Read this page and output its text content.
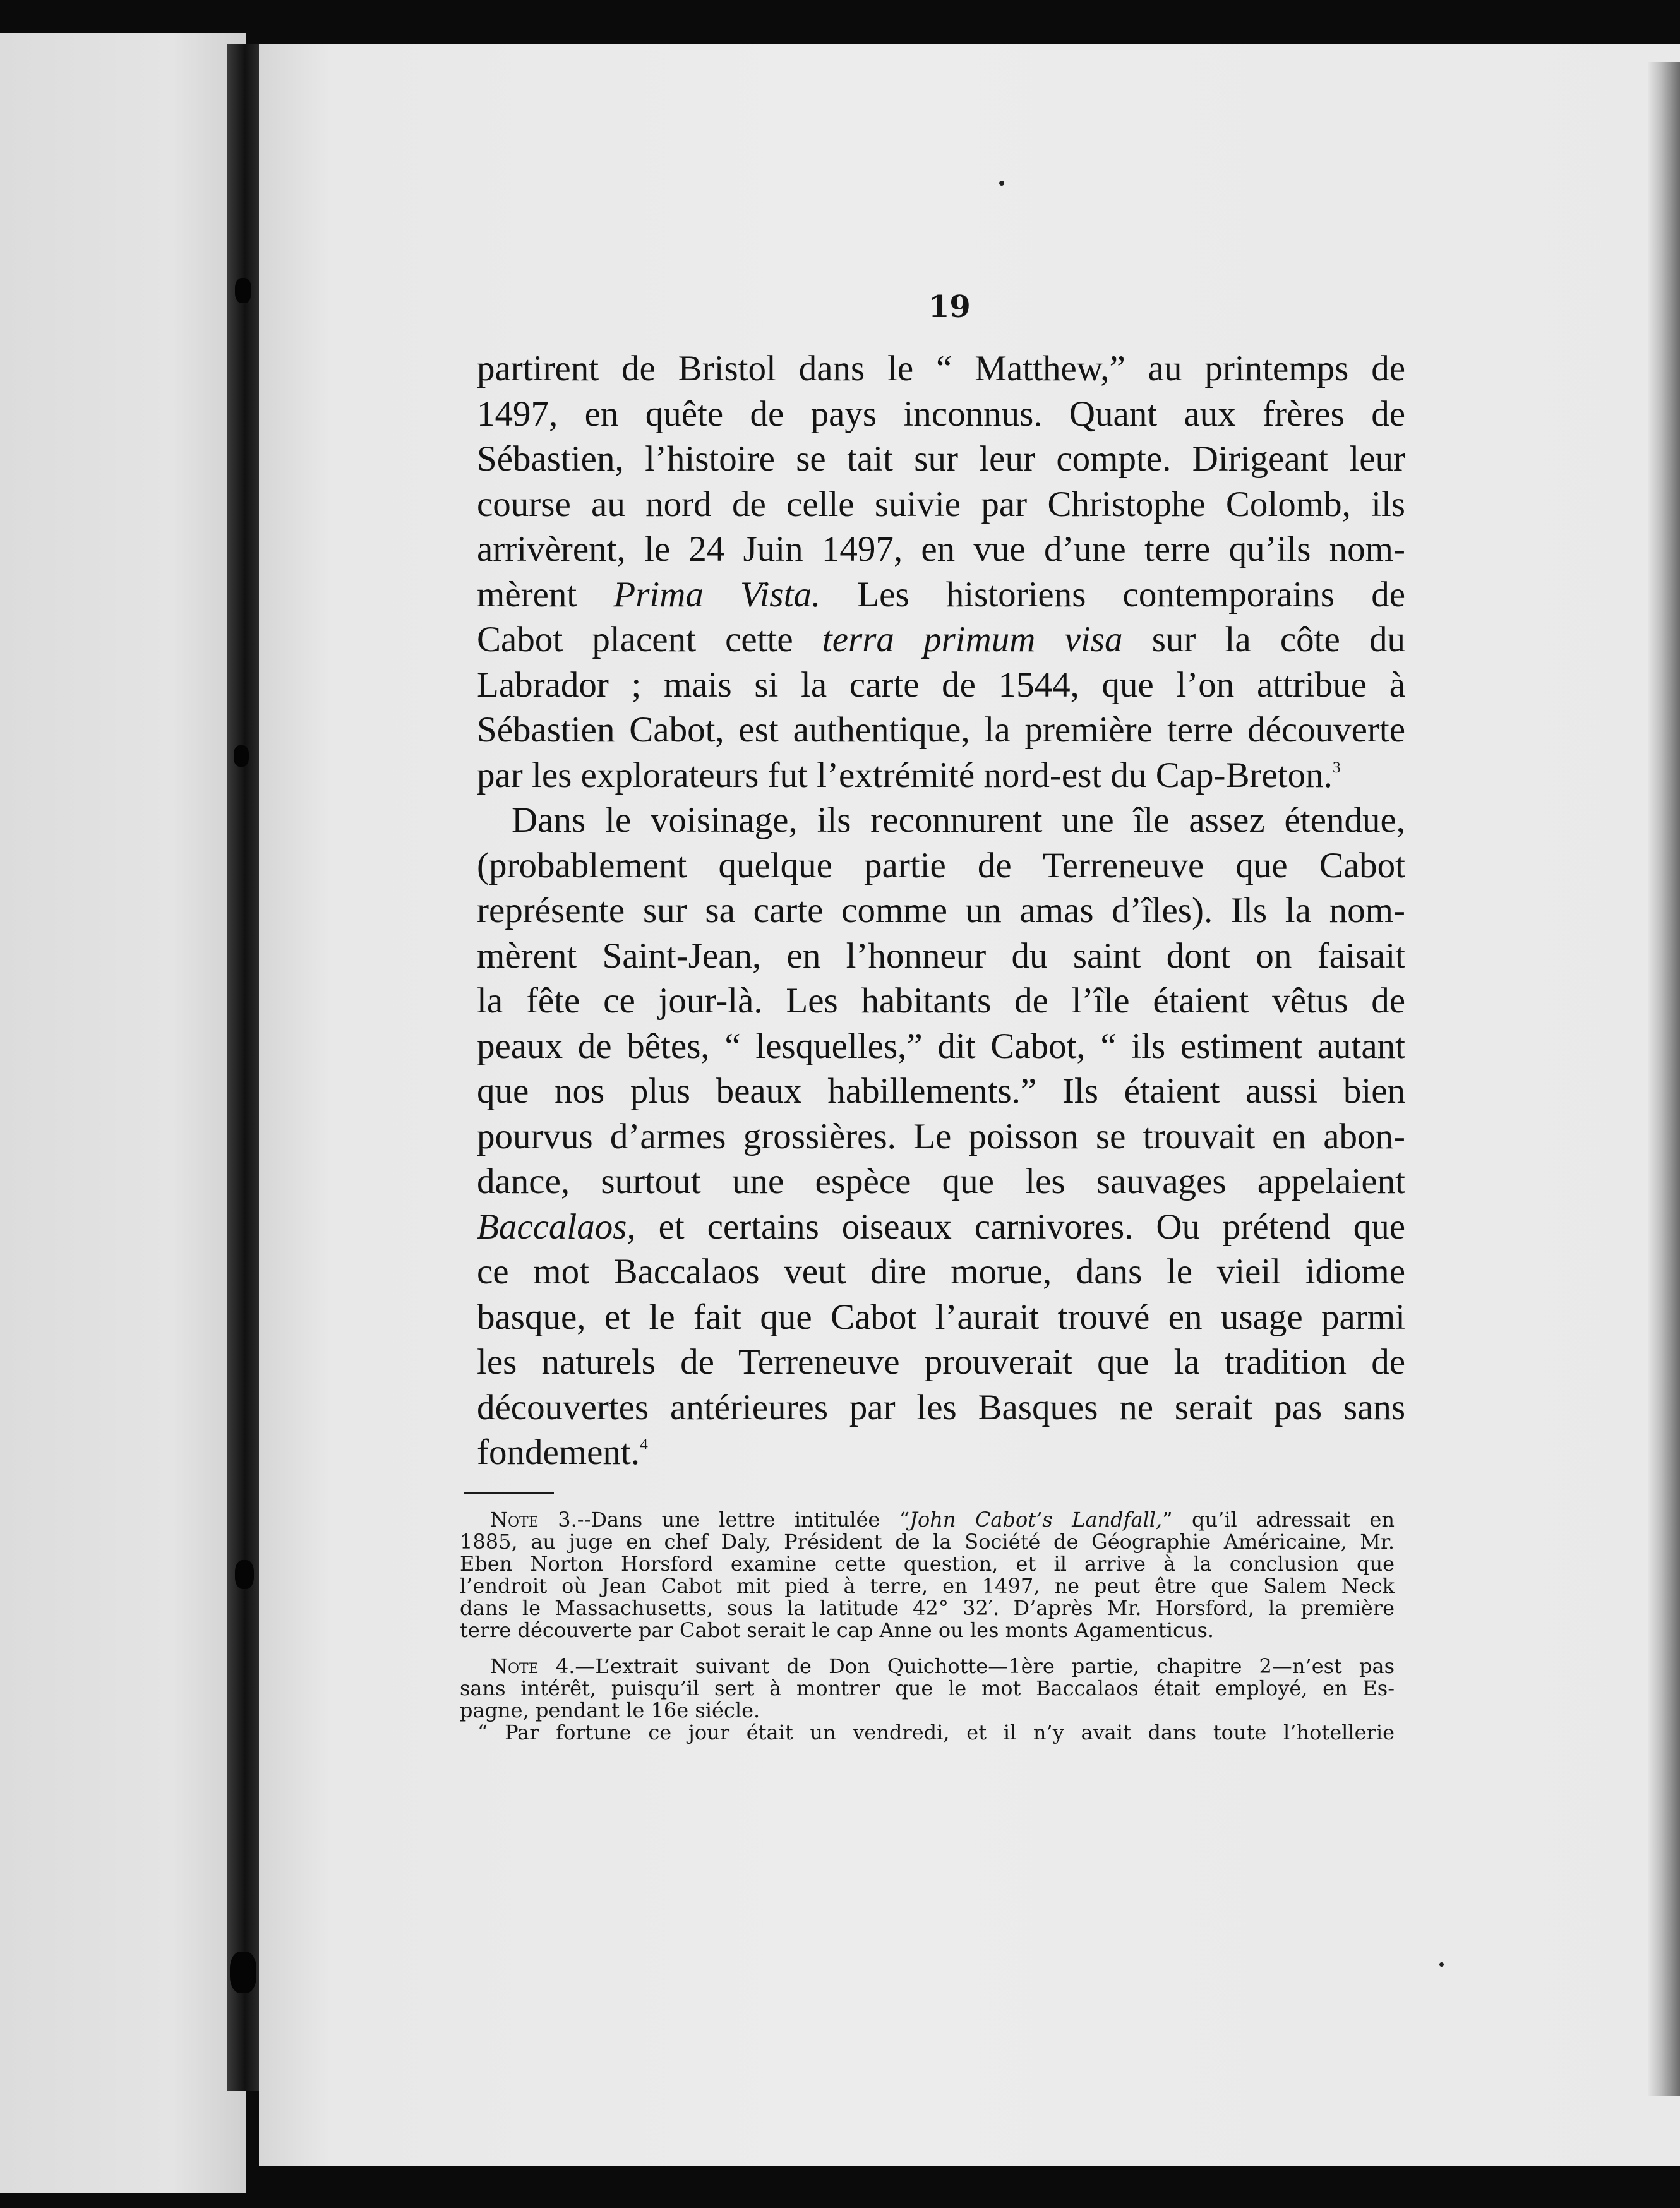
19

partirent de Bristol dans le “ Matthew,” au printemps de
1497, en quête de pays inconnus. Quant aux frères de
Sébastien, l’histoire se tait sur leur compte. Dirigeant leur
course au nord de celle suivie par Christophe Colomb, ils
arrivèrent, le 24 Juin 1497, en vue d’une terre qu’ils nom-
mèrent Prima Vista. Les historiens contemporains de
Cabot placent cette terra primum visa sur la côte du
Labrador ; mais si la carte de 1544, que l’on attribue à
Sébastien Cabot, est authentique, la première terre découverte
par les explorateurs fut l’extrémité nord-est du Cap-Breton.$^3$

Dans le voisinage, ils reconnurent une île assez étendue,
(probablement quelque partie de Terreneuve que Cabot
représente sur sa carte comme un amas d’îles). Ils la nom-
mèrent Saint-Jean, en l’honneur du saint dont on faisait
la fête ce jour-là. Les habitants de l’île étaient vêtus de
peaux de bêtes, “ lesquelles,” dit Cabot, “ ils estiment autant
que nos plus beaux habillements.” Ils étaient aussi bien
pourvus d’armes grossières. Le poisson se trouvait en abon-
dance, surtout une espèce que les sauvages appelaient
Baccalaos, et certains oiseaux carnivores. Ou prétend que
ce mot Baccalaos veut dire morue, dans le vieil idiome
basque, et le fait que Cabot l’aurait trouvé en usage parmi
les naturels de Terreneuve prouverait que la tradition de
découvertes antérieures par les Basques ne serait pas sans
fondement.$^4$

Note 3.--Dans une lettre intitulée “John Cabot’s Landfall,” qu’il adressait en
1885, au juge en chef Daly, Président de la Société de Géographie Américaine, Mr.
Eben Norton Horsford examine cette question, et il arrive à la conclusion que
l’endroit où Jean Cabot mit pied à terre, en 1497, ne peut être que Salem Neck
dans le Massachusetts, sous la latitude 42° 32′. D’après Mr. Horsford, la première
terre découverte par Cabot serait le cap Anne ou les monts Agamenticus.
Note 4.—L’extrait suivant de Don Quichotte—1ère partie, chapitre 2—n’est pas
sans intérêt, puisqu’il sert à montrer que le mot Baccalaos était employé, en Es-
pagne, pendant le 16e siécle.
“ Par fortune ce jour était un vendredi, et il n’y avait dans toute l’hotellerie
